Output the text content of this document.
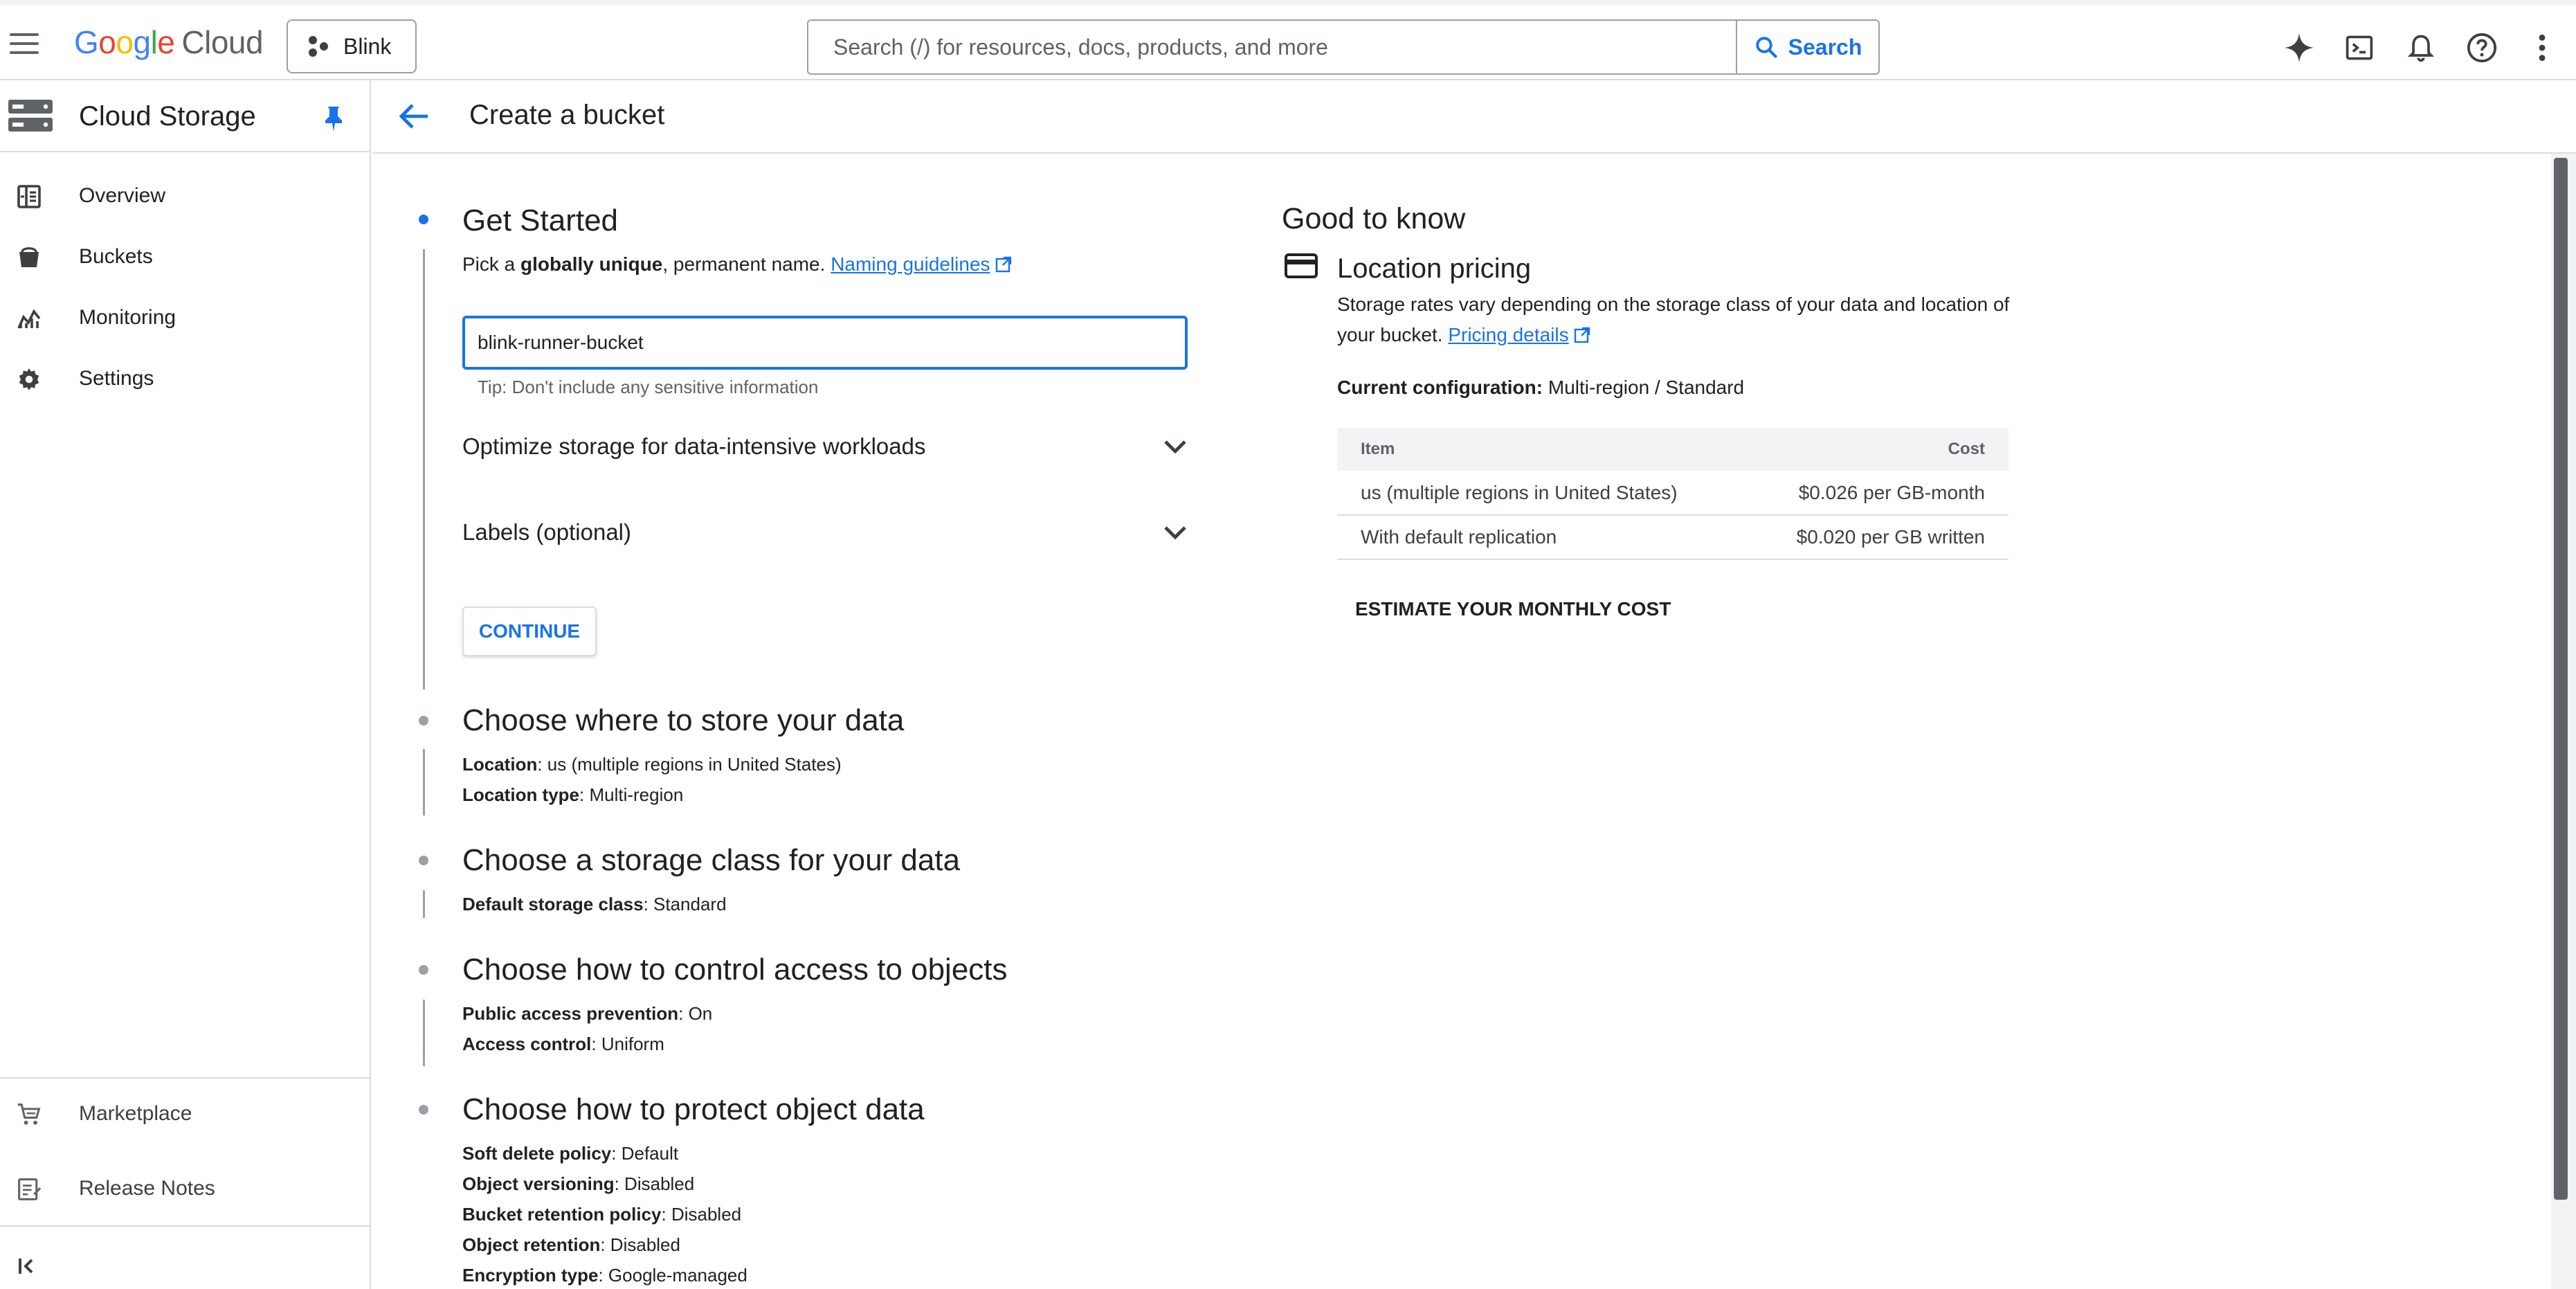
Google Cloud	Blink
Search (/) for resources, docs, products, and more	Search
Cloud Storage
Overview
Buckets
Monitoring
Settings
Marketplace
Release Notes
Create a bucket
Get Started
Pick a globally unique, permanent name. Naming guidelines
blink-runner-bucket
Tip: Don't include any sensitive information
Optimize storage for data-intensive workloads
Labels (optional)
CONTINUE
Choose where to store your data
Location: us (multiple regions in United States)
Location type: Multi-region
Choose a storage class for your data
Default storage class: Standard
Choose how to control access to objects
Public access prevention: On
Access control: Uniform
Choose how to protect object data
Soft delete policy: Default
Object versioning: Disabled
Bucket retention policy: Disabled
Object retention: Disabled
Encryption type: Google-managed
Good to know
Location pricing
Storage rates vary depending on the storage class of your data and location of your bucket. Pricing details
Current configuration: Multi-region / Standard
Item	Cost
us (multiple regions in United States)	$0.026 per GB-month
With default replication	$0.020 per GB written
ESTIMATE YOUR MONTHLY COST
